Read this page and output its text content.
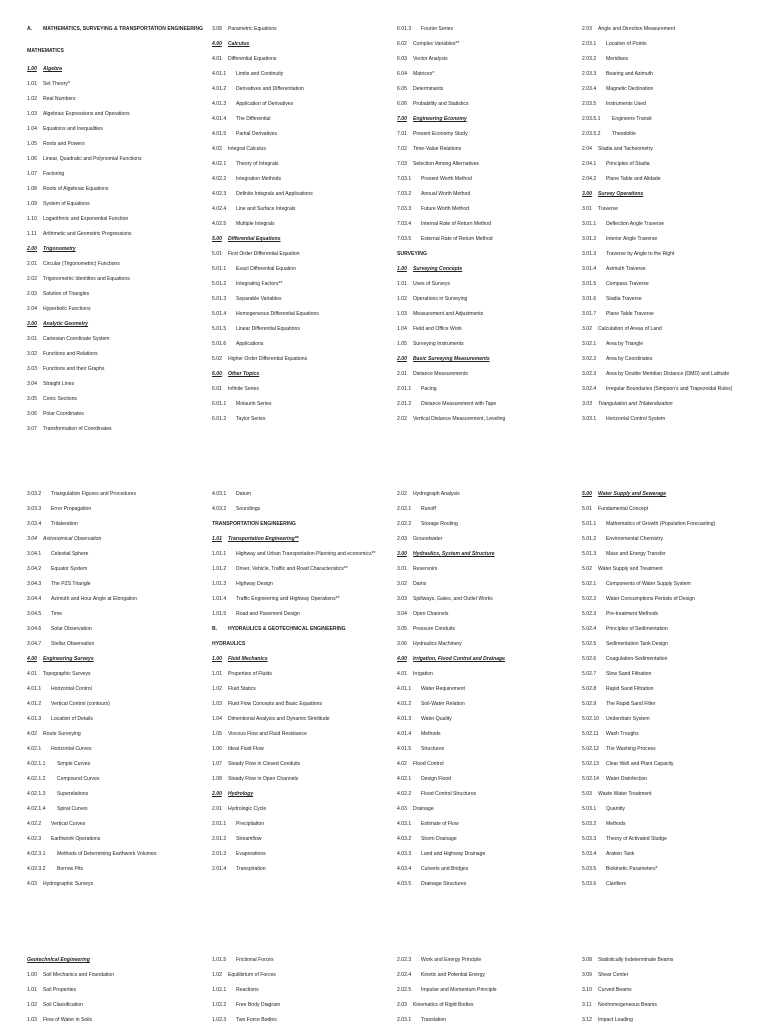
A. MATHEMATICS, SURVEYING & TRANSPORTATION ENGINEERING
MATHEMATICS
1.00 Algebra
1.01 Set Theory*
1.02 Real Numbers
1.03 Algebraic Expressions and Operations
1.04 Equations and Inequalities
1.05 Roots and Powers
1.06 Linear, Quadratic and Polynomial Functions
1.07 Factoring
1.08 Roots of Algebraic Equations
1.09 System of Equations
1.10 Logarithmic and Exponential Function
1.11 Arithmetic and Geometric Progressions
2.00 Trigonometry
2.01 Circular (Trigonometric) Functions
2.02 Trigonometric Identities and Equations
2.03 Solution of Triangles
2.04 Hyperbolic Functions
3.00 Analytic Geometry
3.01 Cartesian Coordinate System
3.02 Functions and Relations
3.03 Functions and their Graphs
3.04 Straight Lines
3.05 Conic Sections
3.06 Polar Coordinates
3.07 Transformation of Coordinates
3.08 Parametric Equations
4.00 Calculus
4.01 Differential Equations
4.01.1 Limits and Continuity
4.01.2 Derivatives and Differentiation
4.01.3 Application of Derivatives
4.01.4 The Differential
4.01.5 Partial Derivatives
4.02 Integral Calculus
4.02.1 Theory of Integrals
4.02.2 Integration Methods
4.02.3 Definite Integrals and Applications
4.02.4 Line and Surface Integrals
4.02.5 Multiple Integrals
5.00 Differential Equations
5.01 First Order Differential Equation
5.01.1 Exact Differential Equation
5.01.2 Integrating Factors**
5.01.3 Separable Variables
5.01.4 Homogeneous Differential Equations
5.01.5 Linear Differential Equations
5.01.6 Applications
5.02 Higher Order Differential Equations
6.00 Other Topics
6.01 Infinite Series
6.01.1 Molaurin Series
6.01.2 Taylor Series
6.01.3 Fourier Series
6.02 Complex Variables**
6.03 Vector Analysis
6.04 Matrices*
6.05 Determinants
6.06 Probability and Statistics
7.00 Engineering Economy
7.01 Present Economy Study
7.02 Time-Value Relations
7.03 Selection Among Alternatives
7.03.1 Present Worth Method
7.03.2 Annual Worth Method
7.03.3 Future Worth Method
7.03.4 Internal Rate of Return Method
7.03.5 External Rate of Return Method
SURVEYING
1.00 Surveying Concepts
1.01 Uses of Surveys
1.02 Operations in Surveying
1.03 Measurement and Adjustments
1.04 Field and Office Work
1.05 Surveying Instruments
2.00 Basic Surveying Measurements
2.01 Distance Measurements
2.01.1 Pacing
2.01.2 Distance Measurement with Tape
2.02 Vertical Distance Measurement, Leveling
2.03 Angle and Direction Measurement
2.03.1 Location of Points
2.03.2 Meridians
2.03.3 Bearing and Azimuth
2.03.4 Magnetic Declination
2.03.5 Instruments Used
2.03.5.1 Engineers Transit
2.03.5.2 Theodolite
2.04 Stadia and Tacheometry
2.04.1 Principles of Stadia
2.04.2 Plane Table and Alidade
3.00 Survey Operations
3.01 Traverse
3.01.1 Deflection Angle Traverse
3.01.2 Interior Angle Traverse
3.01.3 Traverse by Angle to the Right
3.01.4 Azimuth Traverse
3.01.5 Compass Traverse
3.01.6 Stadia Traverse
3.01.7 Plane Table Traverse
3.02 Calculation of Areas of Land
3.02.1 Area by Triangle
3.02.2 Area by Coordinates
3.02.3 Area by Double Meridian Distance (DMD) and Latitude
3.02.4 Irregular Boundaries (Simpson's and Trapezoidal Rules)
3.03 Triangulation and Trilateralization
3.03.1 Horizontal Control System
3.03.2 Triangulation Figures and Procedures
3.03.3 Error Propagation
3.03.4 Trilateration
3.04 Astronomical Observation
3.04.1 Celestial Sphere
3.04.2 Equator System
3.04.3 The PZS Triangle
3.04.4 Azimuth and Hour Angle at Elongation
3.04.5 Time
3.04.6 Solar Observation
3.04.7 Stellar Observation
4.00 Engineering Surveys
4.01 Topographic Surveys
4.01.1 Horizontal Control
4.01.2 Vertical Control (contours)
4.01.3 Location of Details
4.02 Route Surveying
4.02.1 Horizontal Curves
4.02.1.1 Simple Curves
4.02.1.2 Compound Curves
4.02.1.3 Superelations
4.02.1.4 Spiral Curves
4.02.2 Vertical Curves
4.02.3 Earthwork Operations
4.02.3.1 Methods of Determining Earthwork Volumes
4.02.3.2 Borrow Pits
4.03 Hydrographic Surveys
4.03.1 Datum
4.03.2 Soundings
TRANSPORTATION ENGINEERING
1.01 Transportation Engineering**
1.01.1 Highway and Urban Transportation Planning and economics**
1.01.2 Driver, Vehicle, Traffic and Road Characteristics**
1.01.3 Highway Design
1.01.4 Traffic Engineering and Highway Operations**
1.01.5 Road and Pavement Design
B. HYDRAULICS & GEOTECHNICAL ENGINEERING
HYDRAULICS
1.00 Fluid Mechanics
1.01 Properties of Fluids
1.02 Fluid Statics
1.03 Fluid Flow Concepts and Basic Equations
1.04 Dimentional Analysis and Dynamic Similitude
1.05 Viscous Flow and Fluid Resistance
1.06 Ideal Fluid Flow
1.07 Steady Flow in Closed Conduits
1.08 Steady Flow in Open Channels
2.00 Hydrology
2.01 Hydrologic Cycle
2.01.1 Precipitation
2.01.2 Streamflow
2.01.3 Evaporations
2.01.4 Transpiration
2.02 Hydrograph Analysis
2.02.1 Runoff
2.02.2 Storage Routing
2.03 Groundwater
3.00 Hydraulics, System and Structure
3.01 Reservoirs
3.02 Dams
3.03 Spillways, Gates, and Outlet Works
3.04 Open Channels
3.05 Pressure Conduits
3.06 Hydraulics Machinery
4.00 Irrigation, Flood Control and Drainage
4.01 Irrigation
4.01.1 Water Requirement
4.01.2 Soil-Water Relation
4.01.3 Water Quality
4.01.4 Methods
4.01.5 Structures
4.02 Flood Control
4.02.1 Design Flood
4.02.2 Flood Control Structures
4.03 Drainage
4.03.1 Estimate of Flow
4.03.2 Storm Drainage
4.03.3 Land and Highway Drainage
4.03.4 Culverts and Bridges
4.03.5 Drainage Structures
5.00 Water Supply and Sewerage
5.01 Fundamental Concept
5.01.1 Mathematics of Growth (Population Forecasting)
5.01.2 Environmental Chemistry
5.01.3 Mass and Energy Transfer
5.02 Water Supply and Treatment
5.02.1 Components of Water Supply System
5.02.2 Water Consumptions Periods of Design
5.02.3 Pre-treatment Methods
5.02.4 Principles of Sedimentation
5.02.5 Sedimentation Tank Design
5.02.6 Coagulation-Sedimentation
5.02.7 Slow Sand Filtration
5.02.8 Rapid Sand Filtration
5.02.9 The Rapid Sand Filter
5.02.10 Underdrain System
5.02.11 Wash Troughs
5.02.12 The Washing Process
5.02.13 Clear Well and Plant Capacity
5.02.14 Water Disinfection
5.03 Waste Water Treatment
5.03.1 Quantity
5.03.2 Methods
5.03.3 Theory of Activated Sludge
5.03.4 Aration Tank
5.03.5 Biokinetic Parameters*
5.03.6 Clarifiers
Geotechnical Engineering
1.00 Soil Mechanics and Foundation
1.01 Soil Properties
1.02 Soil Classification
1.03 Flow of Water in Soils
1.01.5 Frictional Forces
1.02 Equilibrium of Forces
1.02.1 Reactions
1.02.2 Free Body Diagram
1.02.3 Two Force Bodies
2.02.3 Work and Energy Principle
2.02.4 Kinetic and Potential Energy
2.02.5 Impulse and Momentum Principle
2.03 Kinematics of Rigid Bodies
2.03.1 Translation
3.08 Statistically Indeterminate Beams
3.09 Shear Center
3.10 Curved Beams
3.11 Nonhomogeneous Beams
3.12 Impact Loading
